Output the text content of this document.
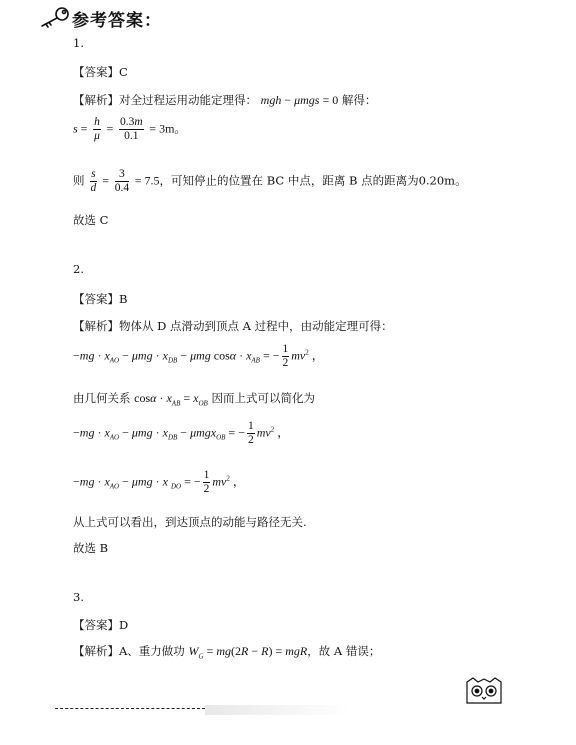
参考答案：
1.
【答案】C
【解析】对全过程运用动能定理得： mgh − μmgs = 0 解得：
$s = \frac{h}{\mu} = \frac{0.3m}{0.1} = 3m$。
则 $\frac{s}{d} = \frac{3}{0.4} = 7.5$，可知停止的位置在 BC 中点，距离 B 点的距离为0.20m。
故选 C
2.
【答案】B
【解析】物体从 D 点滑动到顶点 A 过程中，由动能定理可得：
$-mg \cdot x_{AO} - \mu mg \cdot x_{DB} - \mu mg$ $\cos\alpha \cdot x_{AB}$ = − $\frac{1}{2} mv^2$ ，
由几何关系 $\cos\alpha \cdot x_{AB} = x_{OB}$ 因而上式可以简化为
$-mg \cdot x_{AO} - \mu mg \cdot x_{DB} - \mu mgx_{OB}$ = − $\frac{1}{2} mv^2$ ，
$-mg \cdot x_{AO} - \mu mg \cdot x$ $_{DO}$ = − $\frac{1}{2} mv^2$ ，
从上式可以看出，到达顶点的动能与路径无关.
故选 B
3.
【答案】D
【解析】A、重力做功 $W_G = mg(2R - R)$ = mgR，故 A 错误；
